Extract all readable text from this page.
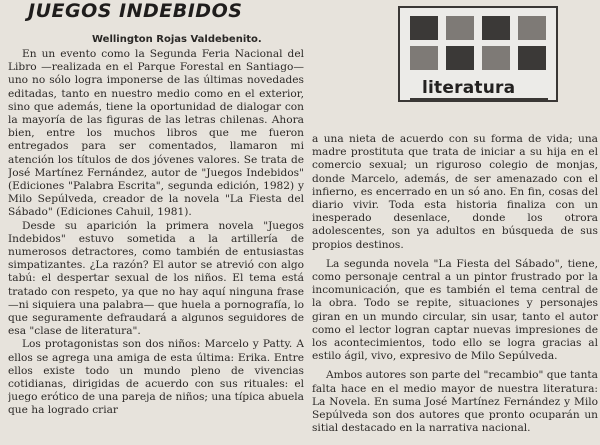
JUEGOS INDEBIDOS
Wellington Rojas Valdebenito.

En un evento como la Segunda Feria Nacional del Libro —realizada en el Parque Forestal en Santiago— uno no sólo logra imponerse de las últimas novedades editadas, tanto en nuestro medio como en el exterior, sino que además, tiene la oportunidad de dialogar con la mayoría de las figuras de las letras chilenas. Ahora bien, entre los muchos libros que me fueron entregados para ser comentados, llamaron mi atención los títulos de dos jóvenes valores. Se trata de José Martínez Fernández, autor de "Juegos Indebidos" (Ediciones "Palabra Escrita", segunda edición, 1982) y Milo Sepúlveda, creador de la novela "La Fiesta del Sábado" (Ediciones Cahuil, 1981).

Desde su aparición la primera novela "Juegos Indebidos" estuvo sometida a la artillería de numerosos detractores, como también de entusiastas simpatizantes. ¿La razón? El autor se atrevió con algo tabú: el despertar sexual de los niños. El tema está tratado con respeto, ya que no hay aquí ninguna frase —ni siquiera una palabra— que huela a pornografía, lo que seguramente defraudará a algunos seguidores de esa "clase de literatura".

Los protagonistas son dos niños: Marcelo y Patty. A ellos se agrega una amiga de esta última: Erika. Entre ellos existe todo un mundo pleno de vivencias cotidianas, dirigidas de acuerdo con sus rituales: el juego erótico de una pareja de niños; una típica abuela que ha logrado criar

literatura

a una nieta de acuerdo con su forma de vida; una madre prostituta que trata de iniciar a su hija en el comercio sexual; un riguroso colegio de monjas, donde Marcelo, además, de ser amenazado con el infierno, es encerrado en un só ano. En fin, cosas del diario vivir. Toda esta historia finaliza con un inesperado desenlace, donde los otrora adolescentes, son ya adultos en búsqueda de sus propios destinos.

La segunda novela "La Fiesta del Sábado", tiene, como personaje central a un pintor frustrado por la incomunicación, que es también el tema central de la obra. Todo se repite, situaciones y personajes giran en un mundo circular, sin usar, tanto el autor como el lector logran captar nuevas impresiones de los acontecimientos, todo ello se logra gracias al estilo ágil, vivo, expresivo de Milo Sepúlveda.

Ambos autores son parte del "recambio" que tanta falta hace en el medio mayor de nuestra literatura: La Novela. En suma José Martínez Fernández y Milo Sepúlveda son dos autores que pronto ocuparán un sitial destacado en la narrativa nacional.
